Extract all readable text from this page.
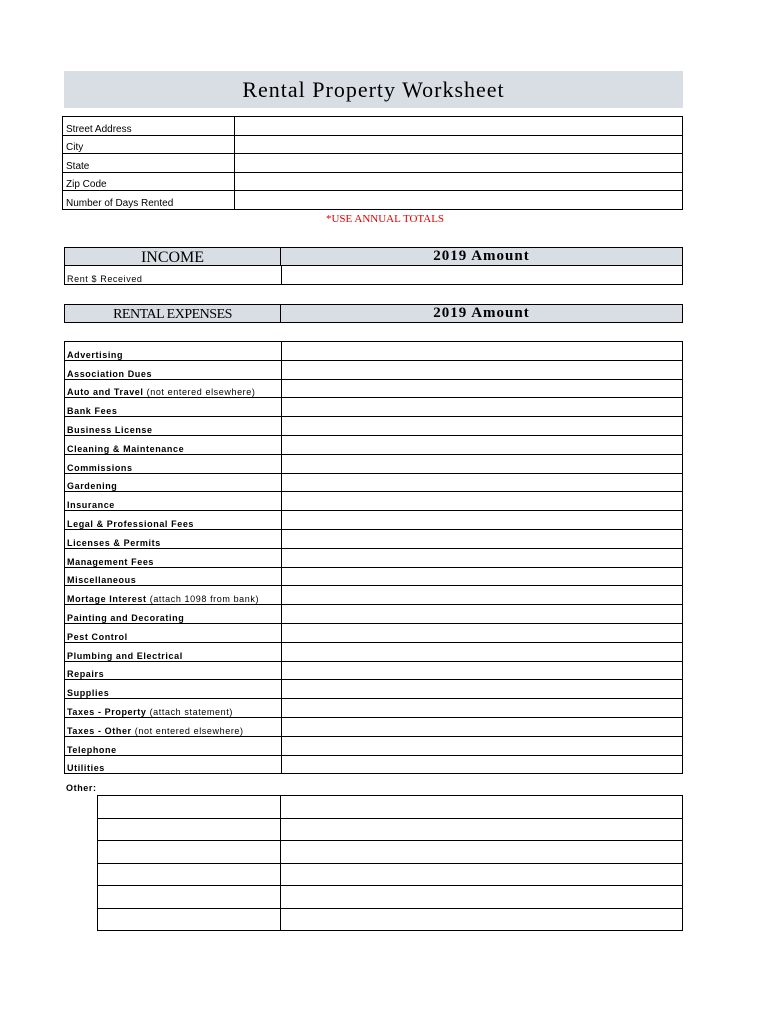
Rental Property Worksheet
Street Address	
City	
State	
Zip Code	
Number of Days Rented	
*USE ANNUAL TOTALS
INCOME	2019 Amount
Rent $ Received	
RENTAL EXPENSES	2019 Amount
Advertising	
Association Dues	
Auto and Travel (not entered elsewhere)	
Bank Fees	
Business License	
Cleaning & Maintenance	
Commissions	
Gardening	
Insurance	
Legal & Professional Fees	
Licenses & Permits	
Management Fees	
Miscellaneous	
Mortage Interest (attach 1098 from bank)	
Painting and Decorating	
Pest Control	
Plumbing and Electrical	
Repairs	
Supplies	
Taxes - Property (attach statement)	
Taxes - Other (not entered elsewhere)	
Telephone	
Utilities	
Other:
